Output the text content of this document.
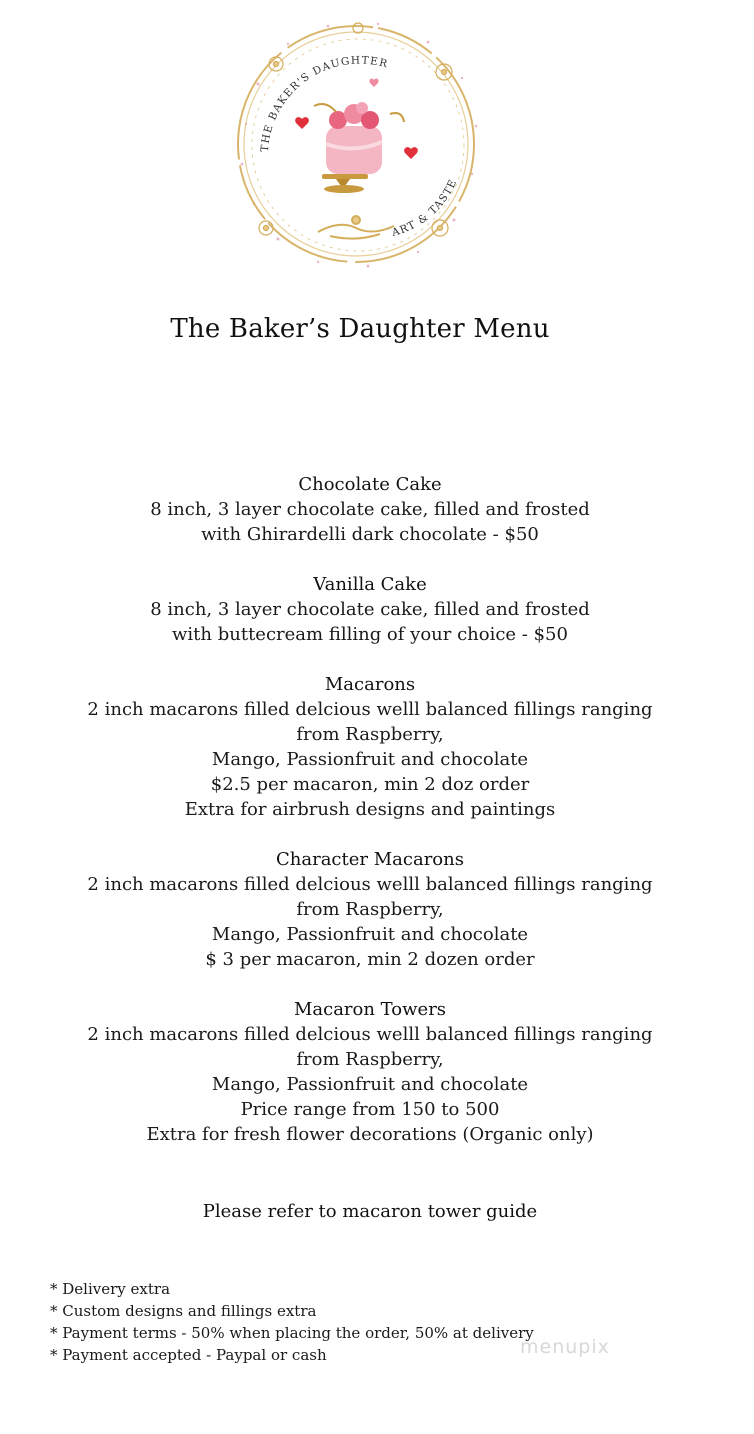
THE BAKER'S DAUGHTER
ART & TASTE
The Baker’s Daughter Menu
Chocolate Cake
8 inch, 3 layer chocolate cake, filled and frosted
with Ghirardelli dark chocolate - $50
Vanilla Cake
8 inch, 3 layer chocolate cake, filled and frosted
with buttecream filling of your choice - $50
Macarons
2 inch macarons filled delcious welll balanced fillings ranging
from Raspberry,
Mango, Passionfruit and chocolate
$2.5 per macaron, min 2 doz order
Extra for airbrush designs and paintings
Character Macarons
2 inch macarons filled delcious welll balanced fillings ranging
from Raspberry,
Mango, Passionfruit and chocolate
$ 3 per macaron, min 2 dozen order
Macaron Towers
2 inch macarons filled delcious welll balanced fillings ranging
from Raspberry,
Mango, Passionfruit and chocolate
Price range from 150 to 500
Extra for fresh flower decorations (Organic only)
Please refer to macaron tower guide
* Delivery extra
* Custom designs and fillings extra
* Payment terms - 50% when placing the order, 50% at delivery
* Payment accepted - Paypal or cash	menupix
